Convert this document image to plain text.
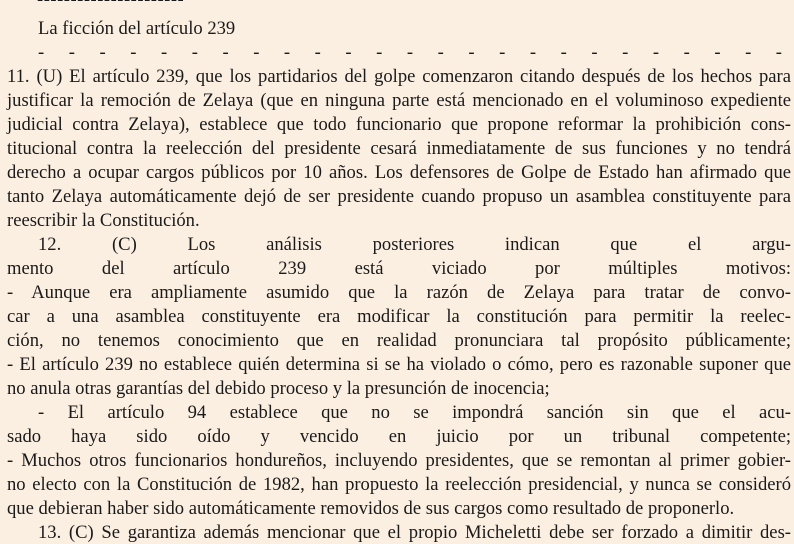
La ficción del artículo 239
- - - - - - - - - - - - - - - - - - - - - - - - -
11. (U) El artículo 239, que los partidarios del golpe comenzaron citando después de los hechos para
justificar la remoción de Zelaya (que en ninguna parte está mencionado en el voluminoso expediente
judicial contra Zelaya), establece que todo funcionario que propone reformar la prohibición cons-
titucional contra la reelección del presidente cesará inmediatamente de sus funciones y no tendrá
derecho a ocupar cargos públicos por 10 años. Los defensores de Golpe de Estado han afirmado que
tanto Zelaya automáticamente dejó de ser presidente cuando propuso un asamblea constituyente para
reescribir la Constitución.
12. (C) Los análisis posteriores indican que el argu-
mento del artículo 239 está viciado por múltiples motivos:
- Aunque era ampliamente asumido que la razón de Zelaya para tratar de convo-
car a una asamblea constituyente era modificar la constitución para permitir la reelec-
ción, no tenemos conocimiento que en realidad pronunciara tal propósito públicamente;
- El artículo 239 no establece quién determina si se ha violado o cómo, pero es razonable suponer que
no anula otras garantías del debido proceso y la presunción de inocencia;
- El artículo 94 establece que no se impondrá sanción sin que el acu-
sado haya sido oído y vencido en juicio por un tribunal competente;
- Muchos otros funcionarios hondureños, incluyendo presidentes, que se remontan al primer gobier-
no electo con la Constitución de 1982, han propuesto la reelección presidencial, y nunca se consideró
que debieran haber sido automáticamente removidos de sus cargos como resultado de proponerlo.
13. (C) Se garantiza además mencionar que el propio Micheletti debe ser forzado a dimitir des-
